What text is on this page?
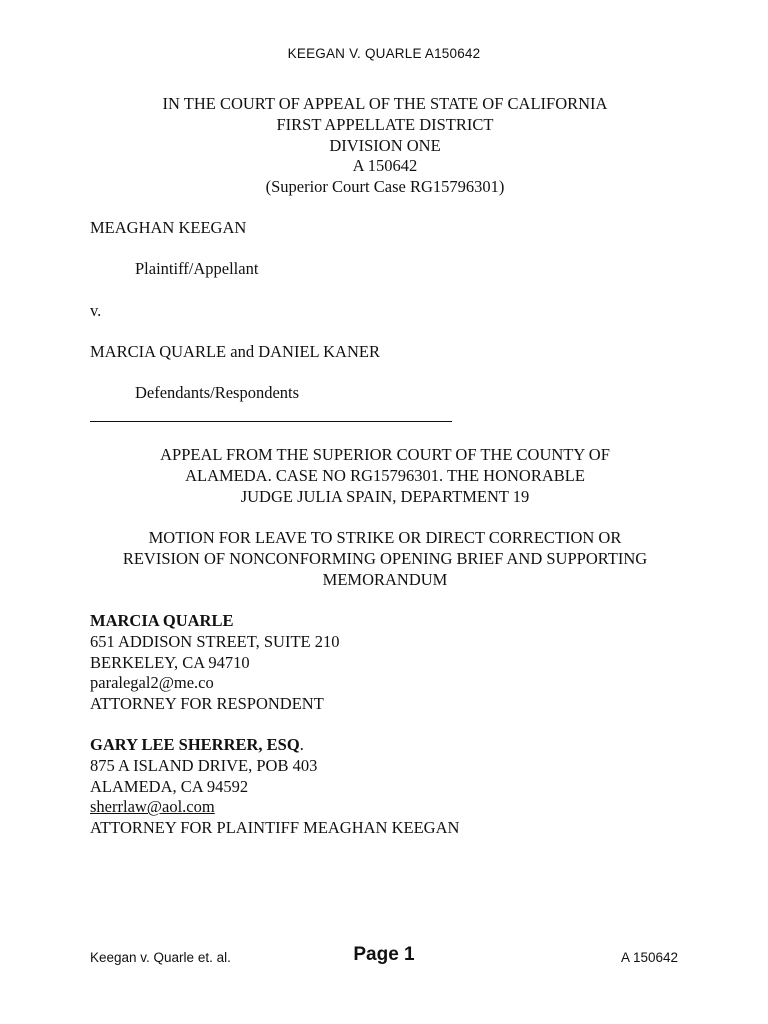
KEEGAN V. QUARLE A150642
IN THE COURT OF APPEAL OF THE STATE OF CALIFORNIA
FIRST APPELLATE DISTRICT
DIVISION ONE
A 150642
(Superior Court Case RG15796301)
MEAGHAN KEEGAN
Plaintiff/Appellant
v.
MARCIA QUARLE and DANIEL KANER
Defendants/Respondents
APPEAL FROM THE SUPERIOR COURT OF THE COUNTY OF
ALAMEDA. CASE NO RG15796301. THE HONORABLE
JUDGE JULIA SPAIN, DEPARTMENT 19
MOTION FOR LEAVE TO STRIKE OR DIRECT CORRECTION OR
REVISION OF NONCONFORMING OPENING BRIEF AND SUPPORTING
MEMORANDUM
MARCIA QUARLE
651 ADDISON STREET, SUITE 210
BERKELEY, CA 94710
paralegal2@me.co
ATTORNEY FOR RESPONDENT
GARY LEE SHERRER, ESQ.
875 A ISLAND DRIVE, POB 403
ALAMEDA, CA 94592
sherrlaw@aol.com
ATTORNEY FOR PLAINTIFF MEAGHAN KEEGAN
Keegan v. Quarle et. al.	Page 1	A 150642
